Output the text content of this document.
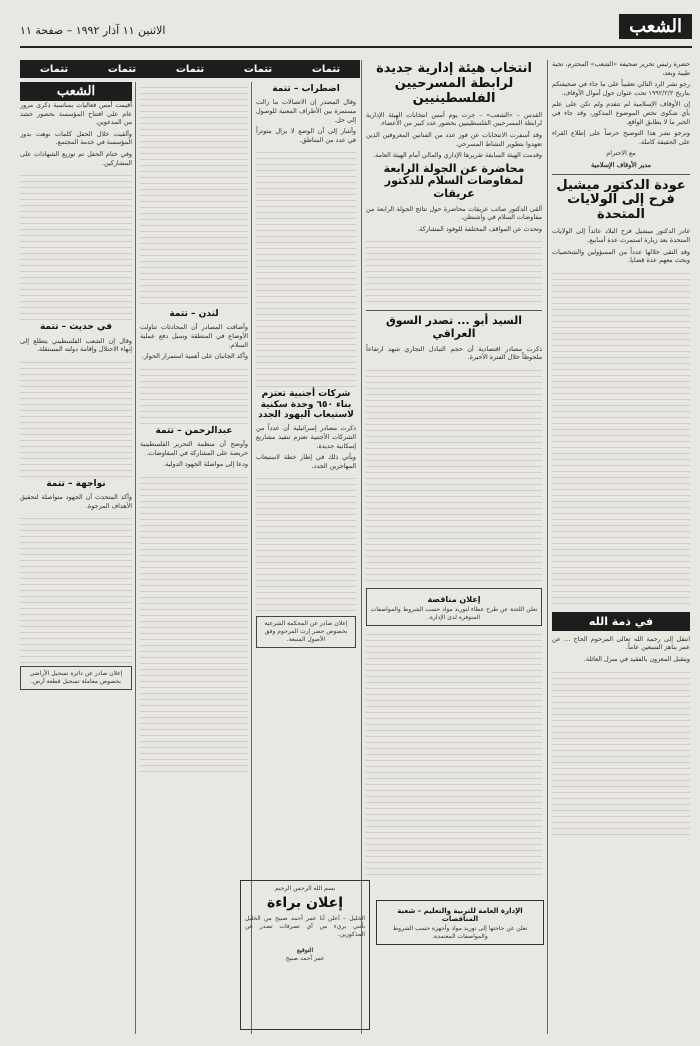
الشعب
الاثنين ١١ آذار ١٩٩٢ – صفحة ١١

حضرة رئيس تحرير صحيفة «الشعب» المحترم، تحية طيبة وبعد،

رجو نشر الرد التالي تعقيباً على ما جاء في صحيفتكم بتاريخ ١٩٩٢/٢/٢ تحت عنوان حول أموال الأوقاف.

إن الأوقاف الإسلامية لم تتقدم ولم تكن على علم بأي شكوى تخص الموضوع المذكور، وقد جاء في الخبر ما لا يطابق الواقع.

ونرجو نشر هذا التوضيح حرصاً على إطلاع القراء على الحقيقة كاملة.

مع الاحترام
مدير الأوقاف الإسلامية
عودة الدكتور ميشيل فرح إلى الولايات المتحدة

غادر الدكتور ميشيل فرح البلاد عائداً إلى الولايات المتحدة بعد زيارة استمرت عدة أسابيع.

وقد التقى خلالها عدداً من المسؤولين والشخصيات وبحث معهم عدة قضايا.

في ذمة الله

انتقل إلى رحمة الله تعالى المرحوم الحاج ... عن عمر يناهز السبعين عاماً.

ويتقبل المعزون بالفقيد في منزل العائلة.

انتخاب هيئة إدارية جديدة لرابطة المسرحيين الفلسطينيين

القدس – «الشعب» – جرت يوم أمس انتخابات الهيئة الإدارية لرابطة المسرحيين الفلسطينيين بحضور عدد كبير من الأعضاء.

وقد أسفرت الانتخابات عن فوز عدد من الفنانين المعروفين الذين تعهدوا بتطوير النشاط المسرحي.

وقدمت الهيئة السابقة تقريرها الإداري والمالي أمام الهيئة العامة.

محاضرة عن الجولة الرابعة لمفاوضات السلام للدكتور عريقات

ألقى الدكتور صائب عريقات محاضرة حول نتائج الجولة الرابعة من مفاوضات السلام في واشنطن.

وتحدث عن المواقف المختلفة للوفود المشاركة.

السيد أبو ... تصدر السوق العراقي

ذكرت مصادر اقتصادية أن حجم التبادل التجاري شهد ارتفاعاً ملحوظاً خلال الفترة الأخيرة.

إعلان مناقصة
تعلن اللجنة عن طرح عطاء لتوريد مواد حسب الشروط والمواصفات المتوفرة لدى الإدارة.
تتمات
تتمات
تتمات
تتمات
تتمات
اضطراب – تتمة

وقال المصدر إن الاتصالات ما زالت مستمرة بين الأطراف المعنية للوصول إلى حل.

وأشار إلى أن الوضع لا يزال متوتراً في عدد من المناطق.

شركات أجنبية تعتزم بناء ٦٥٠ وحدة سكنية لاستيعاب اليهود الجدد

ذكرت مصادر إسرائيلية أن عدداً من الشركات الأجنبية تعتزم تنفيذ مشاريع إسكانية جديدة.

ويأتي ذلك في إطار خطة لاستيعاب المهاجرين الجدد.

إعلان صادر عن المحكمة الشرعية بخصوص حصر إرث المرحوم وفق الأصول المتبعة.
لندن – تتمة

وأضافت المصادر أن المحادثات تناولت الأوضاع في المنطقة وسبل دفع عملية السلام.

وأكد الجانبان على أهمية استمرار الحوار.

عبدالرحمن – تتمة

وأوضح أن منظمة التحرير الفلسطينية حريصة على المشاركة في المفاوضات.

ودعا إلى مواصلة الجهود الدولية.

الشعب

أقيمت أمس فعاليات بمناسبة ذكرى مرور عام على افتتاح المؤسسة بحضور حشد من المدعوين.

وألقيت خلال الحفل كلمات نوهت بدور المؤسسة في خدمة المجتمع.

وفي ختام الحفل تم توزيع الشهادات على المشاركين.

في حديث – تتمة

وقال إن الشعب الفلسطيني يتطلع إلى إنهاء الاحتلال وإقامة دولته المستقلة.

نواجهة – تتمة

وأكد المتحدث أن الجهود متواصلة لتحقيق الأهداف المرجوة.

إعلان صادر عن دائرة تسجيل الأراضي بخصوص معاملة تسجيل قطعة أرض.
بسم الله الرحمن الرحيم
إعلان براءة
الخليل – أعلن أنا عمر أحمد صبيح من الخليل بأنني بريء من أي تصرفات تصدر عن المذكورين.
التوقيع
عمر أحمد صبيح
الإدارة العامة للتربية والتعليم – شعبة المناقصات
تعلن عن حاجتها إلى توريد مواد وأجهزة حسب الشروط والمواصفات المعتمدة.
